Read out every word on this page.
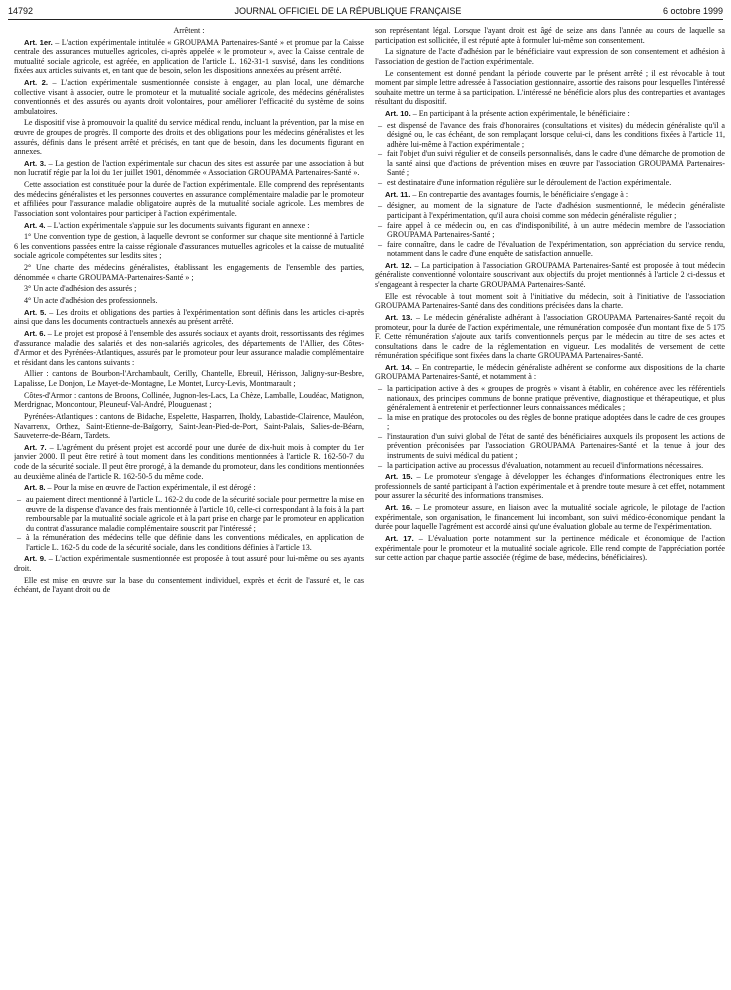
14792	JOURNAL OFFICIEL DE LA RÉPUBLIQUE FRANÇAISE	6 octobre 1999

Arrêtent :

Art. 1er. – L'action expérimentale intitulée « GROUPAMA Partenaires-Santé » et promue par la Caisse centrale des assurances mutuelles agricoles, ci-après appelée « le promoteur », avec la Caisse centrale de mutualité sociale agricole, est agréée, en application de l'article L. 162-31-1 susvisé, dans les conditions fixées aux articles suivants et, en tant que de besoin, selon les dispositions annexées au présent arrêté.

Art. 2. – L'action expérimentale susmentionnée consiste à engager, au plan local, une démarche collective visant à associer, outre le promoteur et la mutualité sociale agricole, des médecins généralistes conventionnés et des assurés ou ayants droit volontaires, pour améliorer l'efficacité du système de soins ambulatoires.

Le dispositif vise à promouvoir la qualité du service médical rendu, incluant la prévention, par la mise en œuvre de groupes de progrès. Il comporte des droits et des obligations pour les médecins généralistes et les assurés, définis dans le présent arrêté et précisés, en tant que de besoin, dans les documents figurant en annexes.

Art. 3. – La gestion de l'action expérimentale sur chacun des sites est assurée par une association à but non lucratif régie par la loi du 1er juillet 1901, dénommée « Association GROUPAMA Partenaires-Santé ».

Cette association est constituée pour la durée de l'action expérimentale. Elle comprend des représentants des médecins généralistes et les personnes couvertes en assurance complémentaire maladie par le promoteur et affiliées pour l'assurance maladie obligatoire auprès de la mutualité sociale agricole. Les membres de l'association sont volontaires pour participer à l'action expérimentale.

Art. 4. – L'action expérimentale s'appuie sur les documents suivants figurant en annexe :

1° Une convention type de gestion, à laquelle devront se conformer sur chaque site mentionné à l'article 6 les conventions passées entre la caisse régionale d'assurances mutuelles agricoles et la caisse de mutualité sociale agricole compétentes sur lesdits sites ;

2° Une charte des médecins généralistes, établissant les engagements de l'ensemble des parties, dénommée « charte GROUPAMA-Partenaires-Santé » ;

3° Un acte d'adhésion des assurés ;

4° Un acte d'adhésion des professionnels.

Art. 5. – Les droits et obligations des parties à l'expérimentation sont définis dans les articles ci-après ainsi que dans les documents contractuels annexés au présent arrêté.

Art. 6. – Le projet est proposé à l'ensemble des assurés sociaux et ayants droit, ressortissants des régimes d'assurance maladie des salariés et des non-salariés agricoles, des départements de l'Allier, des Côtes-d'Armor et des Pyrénées-Atlantiques, assurés par le promoteur pour leur assurance maladie complémentaire et résidant dans les cantons suivants :

Allier : cantons de Bourbon-l'Archambault, Cerilly, Chantelle, Ebreuil, Hérisson, Jaligny-sur-Besbre, Lapalisse, Le Donjon, Le Mayet-de-Montagne, Le Montet, Lurcy-Levis, Montmarault ;

Côtes-d'Armor : cantons de Broons, Collinée, Jugnon-les-Lacs, La Chèze, Lamballe, Loudéac, Matignon, Merdrignac, Moncontour, Pleuneuf-Val-André, Plouguenast ;

Pyrénées-Atlantiques : cantons de Bidache, Espelette, Hasparren, Iholdy, Labastide-Clairence, Mauléon, Navarrenx, Orthez, Saint-Etienne-de-Baïgorry, Saint-Jean-Pied-de-Port, Saint-Palais, Salies-de-Béarn, Sauveterre-de-Béarn, Tardets.

Art. 7. – L'agrément du présent projet est accordé pour une durée de dix-huit mois à compter du 1er janvier 2000. Il peut être retiré à tout moment dans les conditions mentionnées à l'article R. 162-50-7 du code de la sécurité sociale. Il peut être prorogé, à la demande du promoteur, dans les conditions mentionnées au deuxième alinéa de l'article R. 162-50-5 du même code.

Art. 8. – Pour la mise en œuvre de l'action expérimentale, il est dérogé :

– au paiement direct mentionné à l'article L. 162-2 du code de la sécurité sociale pour permettre la mise en œuvre de la dispense d'avance des frais mentionnée à l'article 10, celle-ci correspondant à la fois à la part remboursable par la mutualité sociale agricole et à la part prise en charge par le promoteur en application du contrat d'assurance maladie complémentaire souscrit par l'intéressé ;
– à la rémunération des médecins telle que définie dans les conventions médicales, en application de l'article L. 162-5 du code de la sécurité sociale, dans les conditions définies à l'article 13.

Art. 9. – L'action expérimentale susmentionnée est proposée à tout assuré pour lui-même ou ses ayants droit.

Elle est mise en œuvre sur la base du consentement individuel, exprès et écrit de l'assuré et, le cas échéant, de l'ayant droit ou de

son représentant légal. Lorsque l'ayant droit est âgé de seize ans dans l'année au cours de laquelle sa participation est sollicitée, il est réputé apte à formuler lui-même son consentement.

La signature de l'acte d'adhésion par le bénéficiaire vaut expression de son consentement et adhésion à l'association de gestion de l'action expérimentale.

Le consentement est donné pendant la période couverte par le présent arrêté ; il est révocable à tout moment par simple lettre adressée à l'association gestionnaire, assortie des raisons pour lesquelles l'intéressé souhaite mettre un terme à sa participation. L'intéressé ne bénéficie alors plus des contreparties et avantages résultant du dispositif.

Art. 10. – En participant à la présente action expérimentale, le bénéficiaire :

– est dispensé de l'avance des frais d'honoraires (consultations et visites) du médecin généraliste qu'il a désigné ou, le cas échéant, de son remplaçant lorsque celui-ci, dans les conditions fixées à l'article 11, adhère lui-même à l'action expérimentale ;
– fait l'objet d'un suivi régulier et de conseils personnalisés, dans le cadre d'une démarche de promotion de la santé ainsi que d'actions de prévention mises en œuvre par l'association GROUPAMA Partenaires-Santé ;
– est destinataire d'une information régulière sur le déroulement de l'action expérimentale.

Art. 11. – En contrepartie des avantages fournis, le bénéficiaire s'engage à :

– désigner, au moment de la signature de l'acte d'adhésion susmentionné, le médecin généraliste participant à l'expérimentation, qu'il aura choisi comme son médecin généraliste régulier ;
– faire appel à ce médecin ou, en cas d'indisponibilité, à un autre médecin membre de l'association GROUPAMA Partenaires-Santé ;
– faire connaître, dans le cadre de l'évaluation de l'expérimentation, son appréciation du service rendu, notamment dans le cadre d'une enquête de satisfaction annuelle.

Art. 12. – La participation à l'association GROUPAMA Partenaires-Santé est proposée à tout médecin généraliste conventionné volontaire souscrivant aux objectifs du projet mentionnés à l'article 2 ci-dessus et s'engageant à respecter la charte GROUPAMA Partenaires-Santé.

Elle est révocable à tout moment soit à l'initiative du médecin, soit à l'initiative de l'association GROUPAMA Partenaires-Santé dans des conditions précisées dans la charte.

Art. 13. – Le médecin généraliste adhérant à l'association GROUPAMA Partenaires-Santé reçoit du promoteur, pour la durée de l'action expérimentale, une rémunération composée d'un montant fixe de 5 175 F. Cette rémunération s'ajoute aux tarifs conventionnels perçus par le médecin au titre de ses actes et consultations dans le cadre de la réglementation en vigueur. Les modalités de versement de cette rémunération spécifique sont fixées dans la charte GROUPAMA Partenaires-Santé.

Art. 14. – En contrepartie, le médecin généraliste adhérent se conforme aux dispositions de la charte GROUPAMA Partenaires-Santé, et notamment à :

– la participation active à des « groupes de progrès » visant à établir, en cohérence avec les référentiels nationaux, des principes communs de bonne pratique préventive, diagnostique et thérapeutique, et plus généralement à entretenir et perfectionner leurs connaissances médicales ;
– la mise en pratique des protocoles ou des règles de bonne pratique adoptées dans le cadre de ces groupes ;
– l'instauration d'un suivi global de l'état de santé des bénéficiaires auxquels ils proposent les actions de prévention préconisées par l'association GROUPAMA Partenaires-Santé et la tenue à jour des instruments de suivi médical du patient ;
– la participation active au processus d'évaluation, notamment au recueil d'informations nécessaires.

Art. 15. – Le promoteur s'engage à développer les échanges d'informations électroniques entre les professionnels de santé participant à l'action expérimentale et à prendre toute mesure à cet effet, notamment pour assurer la sécurité des informations transmises.

Art. 16. – Le promoteur assure, en liaison avec la mutualité sociale agricole, le pilotage de l'action expérimentale, son organisation, le financement lui incombant, son suivi médico-économique pendant la durée pour laquelle l'agrément est accordé ainsi qu'une évaluation globale au terme de l'expérimentation.

Art. 17. – L'évaluation porte notamment sur la pertinence médicale et économique de l'action expérimentale pour le promoteur et la mutualité sociale agricole. Elle rend compte de l'appréciation portée sur cette action par chaque partie associée (régime de base, médecins, bénéficiaires).
